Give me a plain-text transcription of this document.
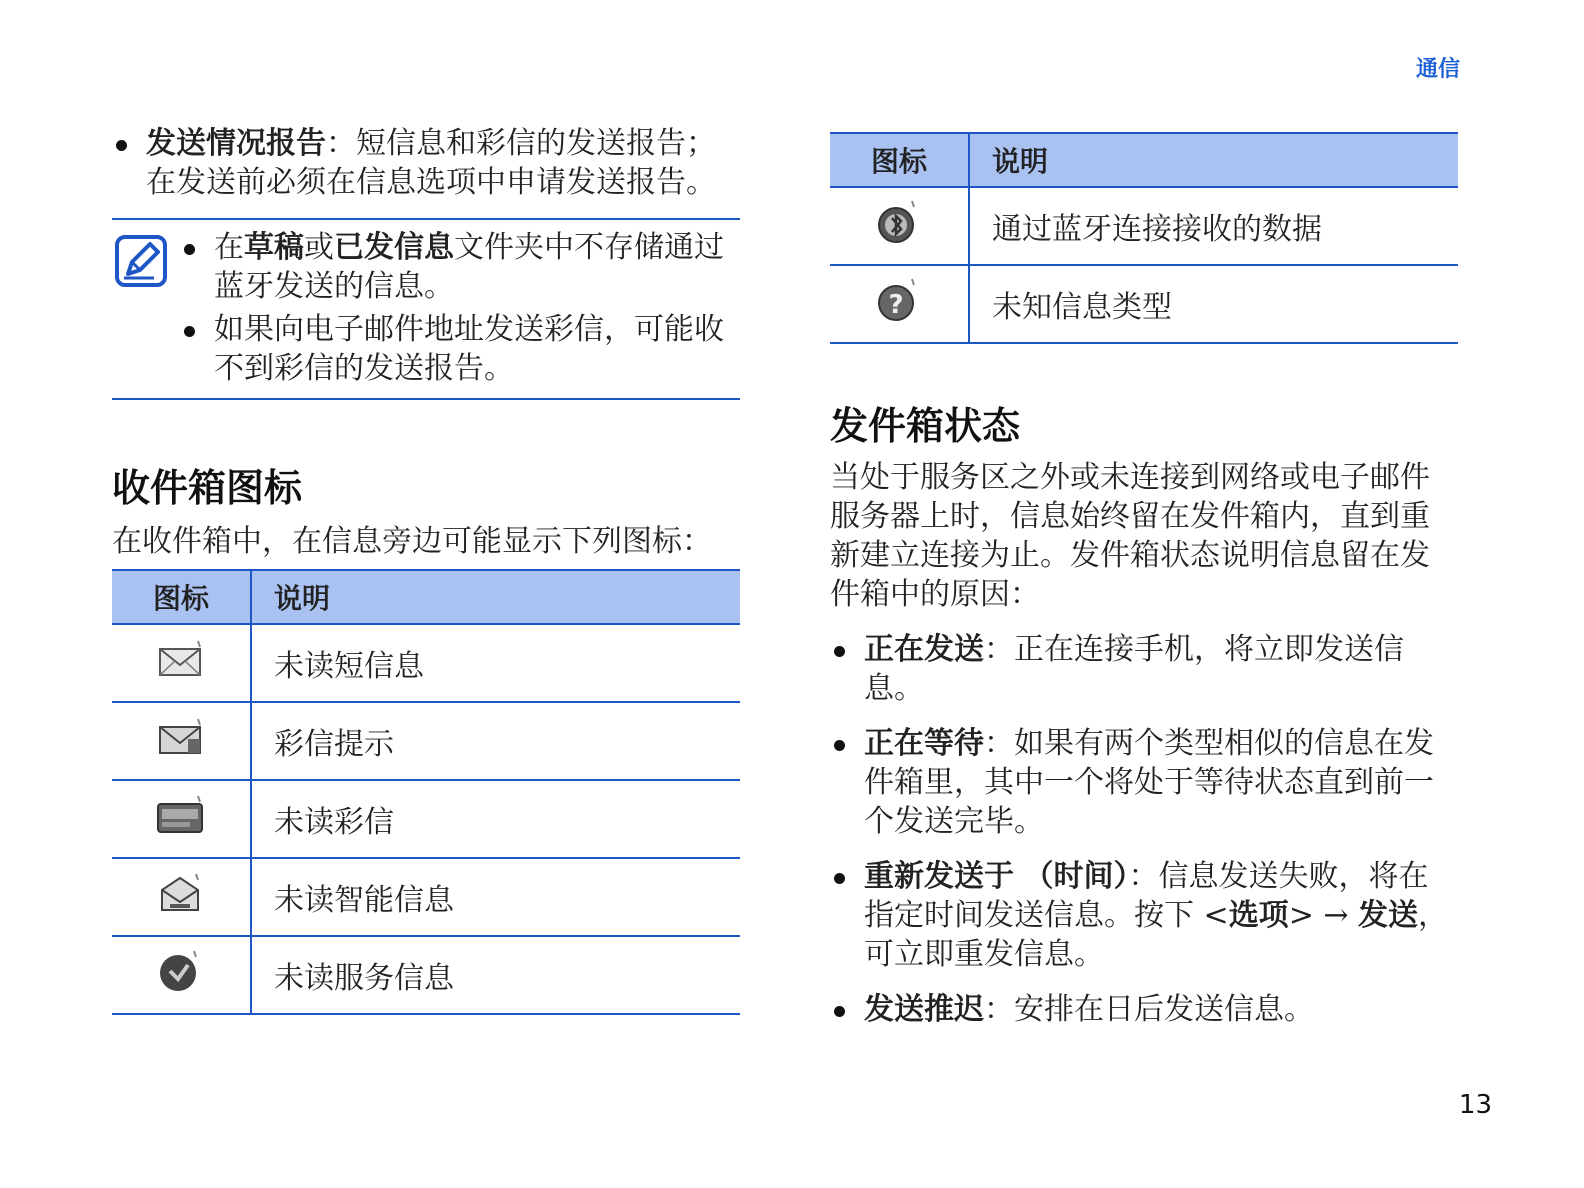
通信

发送情况报告：短信息和彩信的发送报告；在发送前必须在信息选项中申请发送报告。

在草稿或已发信息文件夹中不存储通过蓝牙发送的信息。

如果向电子邮件地址发送彩信，可能收不到彩信的发送报告。

收件箱图标
在收件箱中，在信息旁边可能显示下列图标：
图标	说明
	未读短信息
	彩信提示
	未读彩信
	未读智能信息
	未读服务信息
图标	说明
	通过蓝牙连接接收的数据

?	未知信息类型
发件箱状态
当处于服务区之外或未连接到网络或电子邮件服务器上时，信息始终留在发件箱内，直到重新建立连接为止。发件箱状态说明信息留在发件箱中的原因：

正在发送：正在连接手机，将立即发送信息。

正在等待：如果有两个类型相似的信息在发件箱里，其中一个将处于等待状态直到前一个发送完毕。

重新发送于 （时间）：信息发送失败，将在指定时间发送信息。按下 <选项> → 发送，可立即重发信息。

发送推迟：安排在日后发送信息。

13
